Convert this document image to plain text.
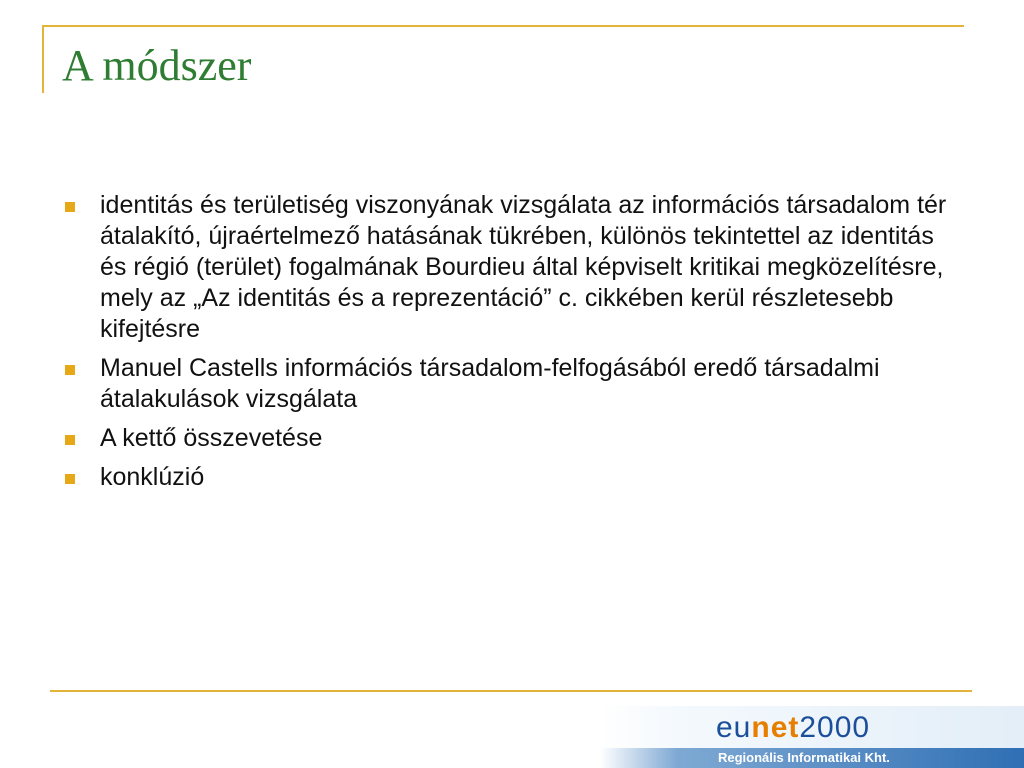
A módszer
identitás és területiség viszonyának vizsgálata az információs társadalom tér átalakító, újraértelmező hatásának tükrében, különös tekintettel az identitás és régió (terület) fogalmának Bourdieu által képviselt kritikai megközelítésre, mely az „Az identitás és a reprezentáció” c. cikkében kerül részletesebb kifejtésre
Manuel Castells információs társadalom-felfogásából eredő társadalmi átalakulások vizsgálata
A kettő összevetése
konklúzió
eunet2000
Regionális Informatikai Kht.
